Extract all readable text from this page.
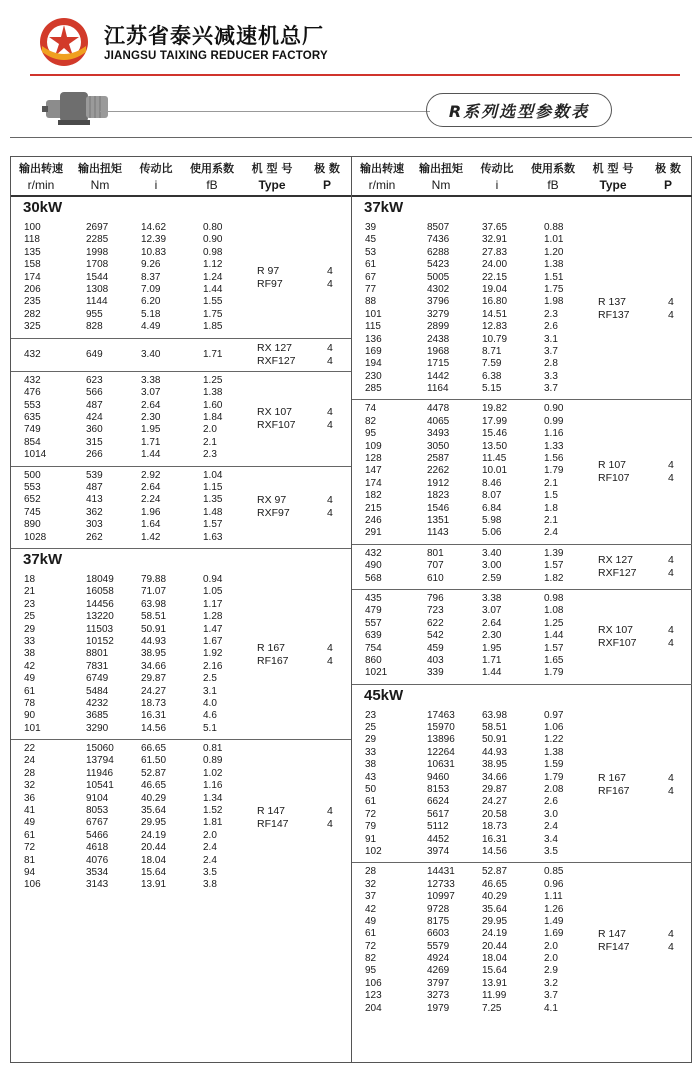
江苏省泰兴减速机总厂
JIANGSU TAIXING REDUCER FACTORY
R系列选型参数表
输出转速
r/min
输出扭矩
Nm
传动比
i
使用系数
fB
机 型 号
Type
极 数
P
30kW
100	2697	14.62	0.80
118	2285	12.39	0.90
135	1998	10.83	0.98
158	1708	9.26	1.12
174	1544	8.37	1.24
206	1308	7.09	1.44
235	1144	6.20	1.55
282	955	5.18	1.75
325	828	4.49	1.85
R 97	4
RF97	4
432	649	3.40	1.71
RX 127	4
RXF127	4
432	623	3.38	1.25
476	566	3.07	1.38
553	487	2.64	1.60
635	424	2.30	1.84
749	360	1.95	2.0
854	315	1.71	2.1
1014	266	1.44	2.3
RX 107	4
RXF107	4
500	539	2.92	1.04
553	487	2.64	1.15
652	413	2.24	1.35
745	362	1.96	1.48
890	303	1.64	1.57
1028	262	1.42	1.63
RX 97	4
RXF97	4
37kW
18	18049	79.88	0.94
21	16058	71.07	1.05
23	14456	63.98	1.17
25	13220	58.51	1.28
29	11503	50.91	1.47
33	10152	44.93	1.67
38	8801	38.95	1.92
42	7831	34.66	2.16
49	6749	29.87	2.5
61	5484	24.27	3.1
78	4232	18.73	4.0
90	3685	16.31	4.6
101	3290	14.56	5.1
R 167	4
RF167	4
22	15060	66.65	0.81
24	13794	61.50	0.89
28	11946	52.87	1.02
32	10541	46.65	1.16
36	9104	40.29	1.34
41	8053	35.64	1.52
49	6767	29.95	1.81
61	5466	24.19	2.0
72	4618	20.44	2.4
81	4076	18.04	2.4
94	3534	15.64	3.5
106	3143	13.91	3.8
R 147	4
RF147	4
输出转速
r/min
输出扭矩
Nm
传动比
i
使用系数
fB
机 型 号
Type
极 数
P
37kW
39	8507	37.65	0.88
45	7436	32.91	1.01
53	6288	27.83	1.20
61	5423	24.00	1.38
67	5005	22.15	1.51
77	4302	19.04	1.75
88	3796	16.80	1.98
101	3279	14.51	2.3
115	2899	12.83	2.6
136	2438	10.79	3.1
169	1968	8.71	3.7
194	1715	7.59	2.8
230	1442	6.38	3.3
285	1164	5.15	3.7
R 137	4
RF137	4
74	4478	19.82	0.90
82	4065	17.99	0.99
95	3493	15.46	1.16
109	3050	13.50	1.33
128	2587	11.45	1.56
147	2262	10.01	1.79
174	1912	8.46	2.1
182	1823	8.07	1.5
215	1546	6.84	1.8
246	1351	5.98	2.1
291	1143	5.06	2.4
R 107	4
RF107	4
432	801	3.40	1.39
490	707	3.00	1.57
568	610	2.59	1.82
RX 127	4
RXF127	4
435	796	3.38	0.98
479	723	3.07	1.08
557	622	2.64	1.25
639	542	2.30	1.44
754	459	1.95	1.57
860	403	1.71	1.65
1021	339	1.44	1.79
RX 107	4
RXF107	4
45kW
23	17463	63.98	0.97
25	15970	58.51	1.06
29	13896	50.91	1.22
33	12264	44.93	1.38
38	10631	38.95	1.59
43	9460	34.66	1.79
50	8153	29.87	2.08
61	6624	24.27	2.6
72	5617	20.58	3.0
79	5112	18.73	2.4
91	4452	16.31	3.4
102	3974	14.56	3.5
R 167	4
RF167	4
28	14431	52.87	0.85
32	12733	46.65	0.96
37	10997	40.29	1.11
42	9728	35.64	1.26
49	8175	29.95	1.49
61	6603	24.19	1.69
72	5579	20.44	2.0
82	4924	18.04	2.0
95	4269	15.64	2.9
106	3797	13.91	3.2
123	3273	11.99	3.7
204	1979	7.25	4.1
R 147	4
RF147	4
